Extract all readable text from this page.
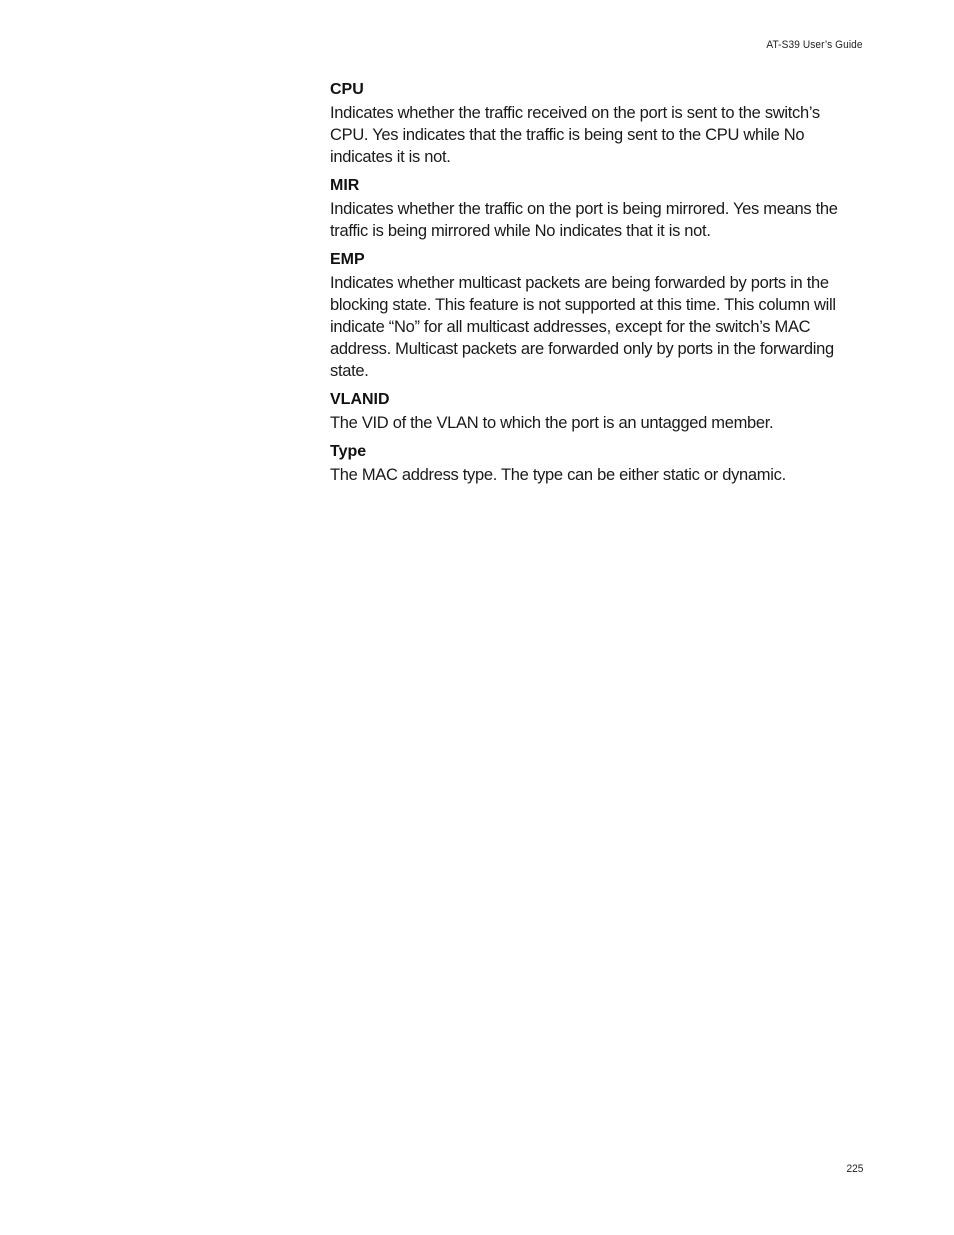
AT-S39 User’s Guide

CPU

Indicates whether the traffic received on the port is sent to the switch’s CPU. Yes indicates that the traffic is being sent to the CPU while No indicates it is not.

MIR

Indicates whether the traffic on the port is being mirrored. Yes means the traffic is being mirrored while No indicates that it is not.

EMP

Indicates whether multicast packets are being forwarded by ports in the blocking state. This feature is not supported at this time. This column will indicate “No” for all multicast addresses, except for the switch’s MAC address. Multicast packets are forwarded only by ports in the forwarding state.

VLANID

The VID of the VLAN to which the port is an untagged member.

Type

The MAC address type. The type can be either static or dynamic.

225
